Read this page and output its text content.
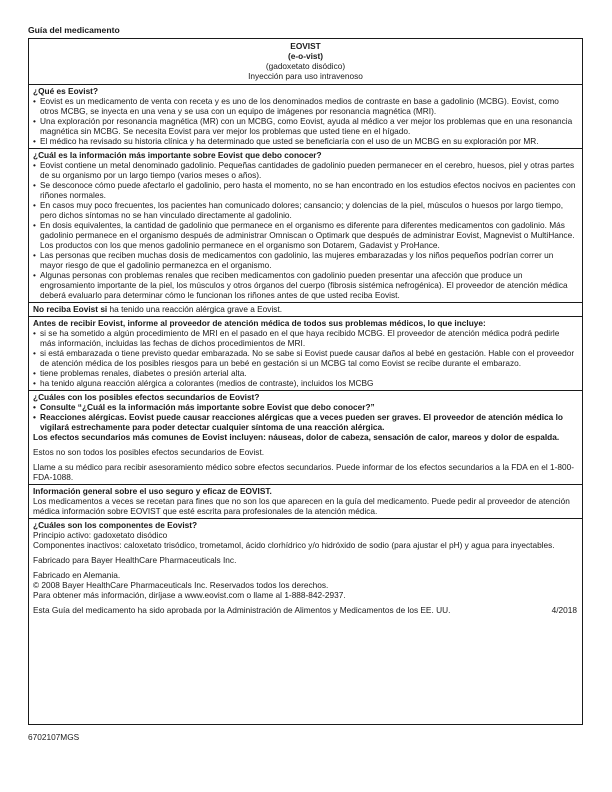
Guía del medicamento
EOVIST
(e-o-vist)
(gadoxetato disódico)
Inyección para uso intravenoso
¿Qué es Eovist?
• Eovist es un medicamento de venta con receta y es uno de los denominados medios de contraste en base a gadolinio (MCBG). Eovist, como otros MCBG, se inyecta en una vena y se usa con un equipo de imágenes por resonancia magnética (MRI).
• Una exploración por resonancia magnética (MR) con un MCBG, como Eovist, ayuda al médico a ver mejor los problemas que en una resonancia magnética sin MCBG. Se necesita Eovist para ver mejor los problemas que usted tiene en el hígado.
• El médico ha revisado su historia clínica y ha determinado que usted se beneficiaría con el uso de un MCBG en su exploración por MR.
¿Cuál es la información más importante sobre Eovist que debo conocer?
• Eovist contiene un metal denominado gadolinio. Pequeñas cantidades de gadolinio pueden permanecer en el cerebro, huesos, piel y otras partes de su organismo por un largo tiempo (varios meses o años).
• Se desconoce cómo puede afectarlo el gadolinio, pero hasta el momento, no se han encontrado en los estudios efectos nocivos en pacientes con riñones normales.
• En casos muy poco frecuentes, los pacientes han comunicado dolores; cansancio; y dolencias de la piel, músculos o huesos por largo tiempo, pero dichos síntomas no se han vinculado directamente al gadolinio.
• En dosis equivalentes, la cantidad de gadolinio que permanece en el organismo es diferente para diferentes medicamentos con gadolinio. Más gadolinio permanece en el organismo después de administrar Omniscan o Optimark que después de administrar Eovist, Magnevist o MultiHance. Los productos con los que menos gadolinio permanece en el organismo son Dotarem, Gadavist y ProHance.
• Las personas que reciben muchas dosis de medicamentos con gadolinio, las mujeres embarazadas y los niños pequeños podrían correr un mayor riesgo de que el gadolinio permanezca en el organismo.
• Algunas personas con problemas renales que reciben medicamentos con gadolinio pueden presentar una afección que produce un engrosamiento importante de la piel, los músculos y otros órganos del cuerpo (fibrosis sistémica nefrogénica). El proveedor de atención médica deberá evaluarlo para determinar cómo le funcionan los riñones antes de que usted reciba Eovist.
No reciba Eovist si ha tenido una reacción alérgica grave a Eovist.
Antes de recibir Eovist, informe al proveedor de atención médica de todos sus problemas médicos, lo que incluye:
• si se ha sometido a algún procedimiento de MRI en el pasado en el que haya recibido MCBG. El proveedor de atención médica podrá pedirle más información, incluidas las fechas de dichos procedimientos de MRI.
• si está embarazada o tiene previsto quedar embarazada. No se sabe si Eovist puede causar daños al bebé en gestación. Hable con el proveedor de atención médica de los posibles riesgos para un bebé en gestación si un MCBG tal como Eovist se recibe durante el embarazo.
• tiene problemas renales, diabetes o presión arterial alta.
• ha tenido alguna reacción alérgica a colorantes (medios de contraste), incluidos los MCBG
¿Cuáles con los posibles efectos secundarios de Eovist?
• Consulte “¿Cuál es la información más importante sobre Eovist que debo conocer?”
• Reacciones alérgicas. Eovist puede causar reacciones alérgicas que a veces pueden ser graves. El proveedor de atención médica lo vigilará estrechamente para poder detectar cualquier síntoma de una reacción alérgica.
Los efectos secundarios más comunes de Eovist incluyen: náuseas, dolor de cabeza, sensación de calor, mareos y dolor de espalda.
Estos no son todos los posibles efectos secundarios de Eovist.
Llame a su médico para recibir asesoramiento médico sobre efectos secundarios. Puede informar de los efectos secundarios a la FDA en el 1-800-FDA-1088.
Información general sobre el uso seguro y eficaz de EOVIST.
Los medicamentos a veces se recetan para fines que no son los que aparecen en la guía del medicamento. Puede pedir al proveedor de atención médica información sobre EOVIST que esté escrita para profesionales de la atención médica.
¿Cuáles son los componentes de Eovist?
Principio activo: gadoxetato disódico
Componentes inactivos: caloxetato trisódico, trometamol, ácido clorhídrico y/o hidróxido de sodio (para ajustar el pH) y agua para inyectables.
Fabricado para Bayer HealthCare Pharmaceuticals Inc.
Fabricado en Alemania.
© 2008 Bayer HealthCare Pharmaceuticals Inc. Reservados todos los derechos.
Para obtener más información, diríjase a www.eovist.com o llame al 1-888-842-2937.
Esta Guía del medicamento ha sido aprobada por la Administración de Alimentos y Medicamentos de los EE. UU.	4/2018
6702107MGS
